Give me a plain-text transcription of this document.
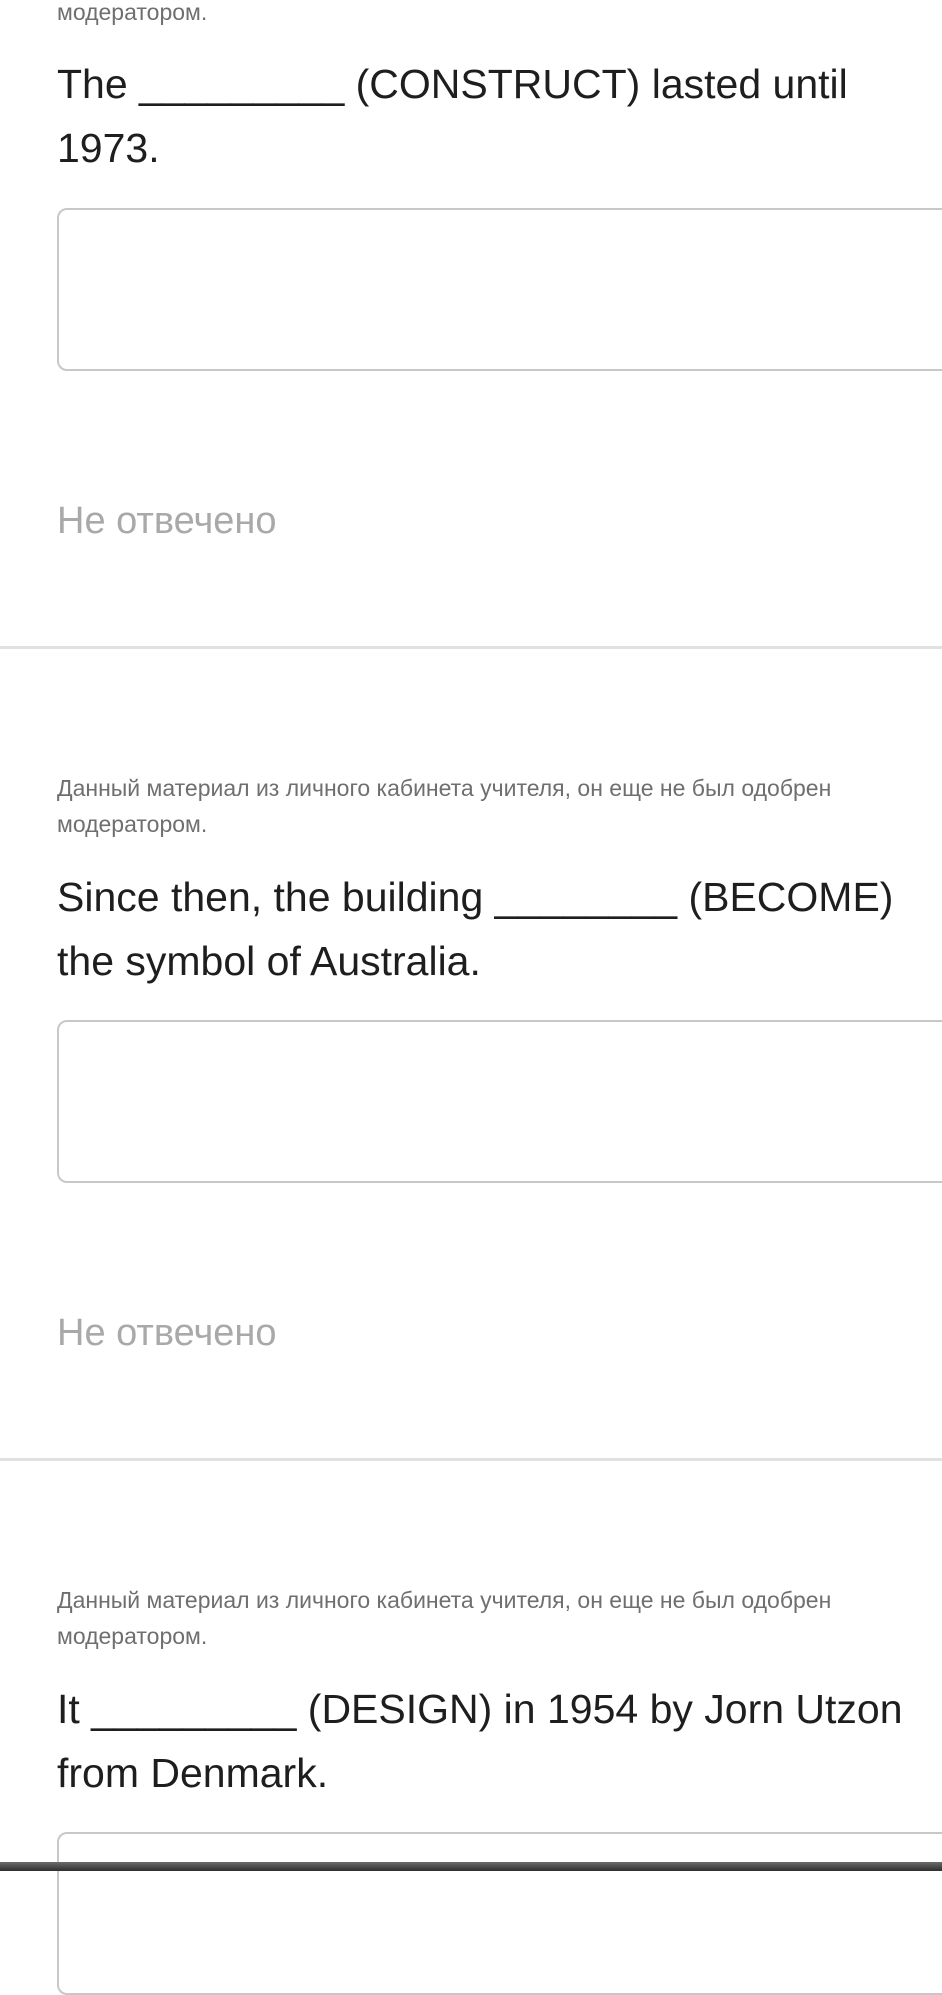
модератором.
The _________ (CONSTRUCT) lasted until 1973.
Не отвечено
Данный материал из личного кабинета учителя, он еще не был одобрен модератором.
Since then, the building ________ (BECOME) the symbol of Australia.
Не отвечено
Данный материал из личного кабинета учителя, он еще не был одобрен модератором.
It _________ (DESIGN) in 1954 by Jorn Utzon from Denmark.
